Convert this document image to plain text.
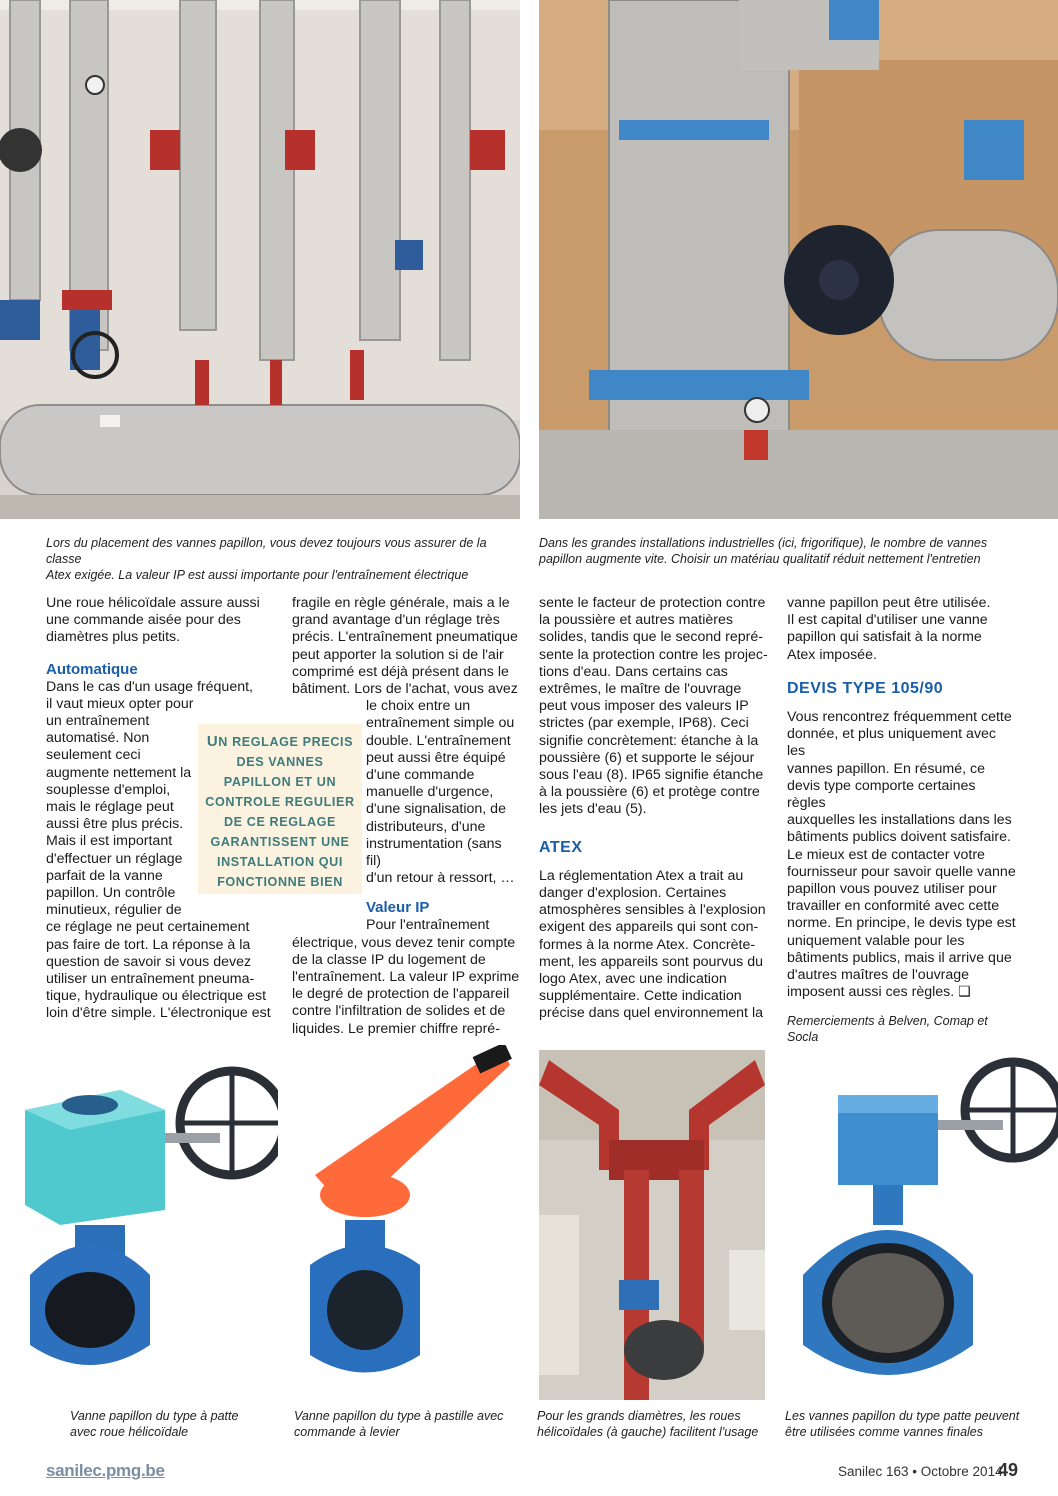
Lors du placement des vannes papillon, vous devez toujours vous assurer de la classe
Atex exigée. La valeur IP est aussi importante pour l'entraînement électrique
Dans les grandes installations industrielles (ici, frigorifique), le nombre de vannes
papillon augmente vite. Choisir un matériau qualitatif réduit nettement l'entretien

Une roue hélicoïdale assure aussi

une commande aisée pour des

diamètres plus petits.

Automatique

Dans le cas d'un usage fréquent,

il vaut mieux opter pour

un entraînement

automatisé. Non

seulement ceci

augmente nettement la

souplesse d'emploi,

mais le réglage peut

aussi être plus précis.

Mais il est important

d'effectuer un réglage

parfait de la vanne

papillon. Un contrôle

minutieux, régulier de

ce réglage ne peut certainement

pas faire de tort. La réponse à la

question de savoir si vous devez

utiliser un entraînement pneuma-

tique, hydraulique ou électrique est

loin d'être simple. L'électronique est

UN REGLAGE PRECIS
DES VANNES
PAPILLON ET UN
CONTROLE REGULIER
DE CE REGLAGE
GARANTISSENT UNE
INSTALLATION QUI
FONCTIONNE BIEN

fragile en règle générale, mais a le

grand avantage d'un réglage très

précis. L'entraînement pneumatique

peut apporter la solution si de l'air

comprimé est déjà présent dans le

bâtiment. Lors de l'achat, vous avez

le choix entre un

entraînement simple ou

double. L'entraînement

peut aussi être équipé

d'une commande

manuelle d'urgence,

d'une signalisation, de

distributeurs, d'une

instrumentation (sans fil)

d'un retour à ressort, …

Valeur IP

Pour l'entraînement

électrique, vous devez tenir compte

de la classe IP du logement de

l'entraînement. La valeur IP exprime

le degré de protection de l'appareil

contre l'infiltration de solides et de

liquides. Le premier chiffre repré-

sente le facteur de protection contre

la poussière et autres matières

solides, tandis que le second repré-

sente la protection contre les projec-

tions d'eau. Dans certains cas

extrêmes, le maître de l'ouvrage

peut vous imposer des valeurs IP

strictes (par exemple, IP68). Ceci

signifie concrètement: étanche à la

poussière (6) et supporte le séjour

sous l'eau (8). IP65 signifie étanche

à la poussière (6) et protège contre

les jets d'eau (5).

ATEX

La réglementation Atex a trait au

danger d'explosion. Certaines

atmosphères sensibles à l'explosion

exigent des appareils qui sont con-

formes à la norme Atex. Concrète-

ment, les appareils sont pourvus du

logo Atex, avec une indication

supplémentaire. Cette indication

précise dans quel environnement la

vanne papillon peut être utilisée.

Il est capital d'utiliser une vanne

papillon qui satisfait à la norme

Atex imposée.

DEVIS TYPE 105/90

Vous rencontrez fréquemment cette

donnée, et plus uniquement avec les

vannes papillon. En résumé, ce

devis type comporte certaines règles

auxquelles les installations dans les

bâtiments publics doivent satisfaire.

Le mieux est de contacter votre

fournisseur pour savoir quelle vanne

papillon vous pouvez utiliser pour

travailler en conformité avec cette

norme. En principe, le devis type est

uniquement valable pour les

bâtiments publics, mais il arrive que

d'autres maîtres de l'ouvrage

imposent aussi ces règles. ❑

Remerciements à Belven, Comap et Socla

Vanne papillon du type à patte
avec roue hélicoïdale
Vanne papillon du type à pastille avec
commande à levier
Pour les grands diamètres, les roues
hélicoïdales (à gauche) facilitent l'usage
Les vannes papillon du type patte peuvent
être utilisées comme vannes finales
sanilec.pmg.be	Sanilec 163 • Octobre 2014
49
